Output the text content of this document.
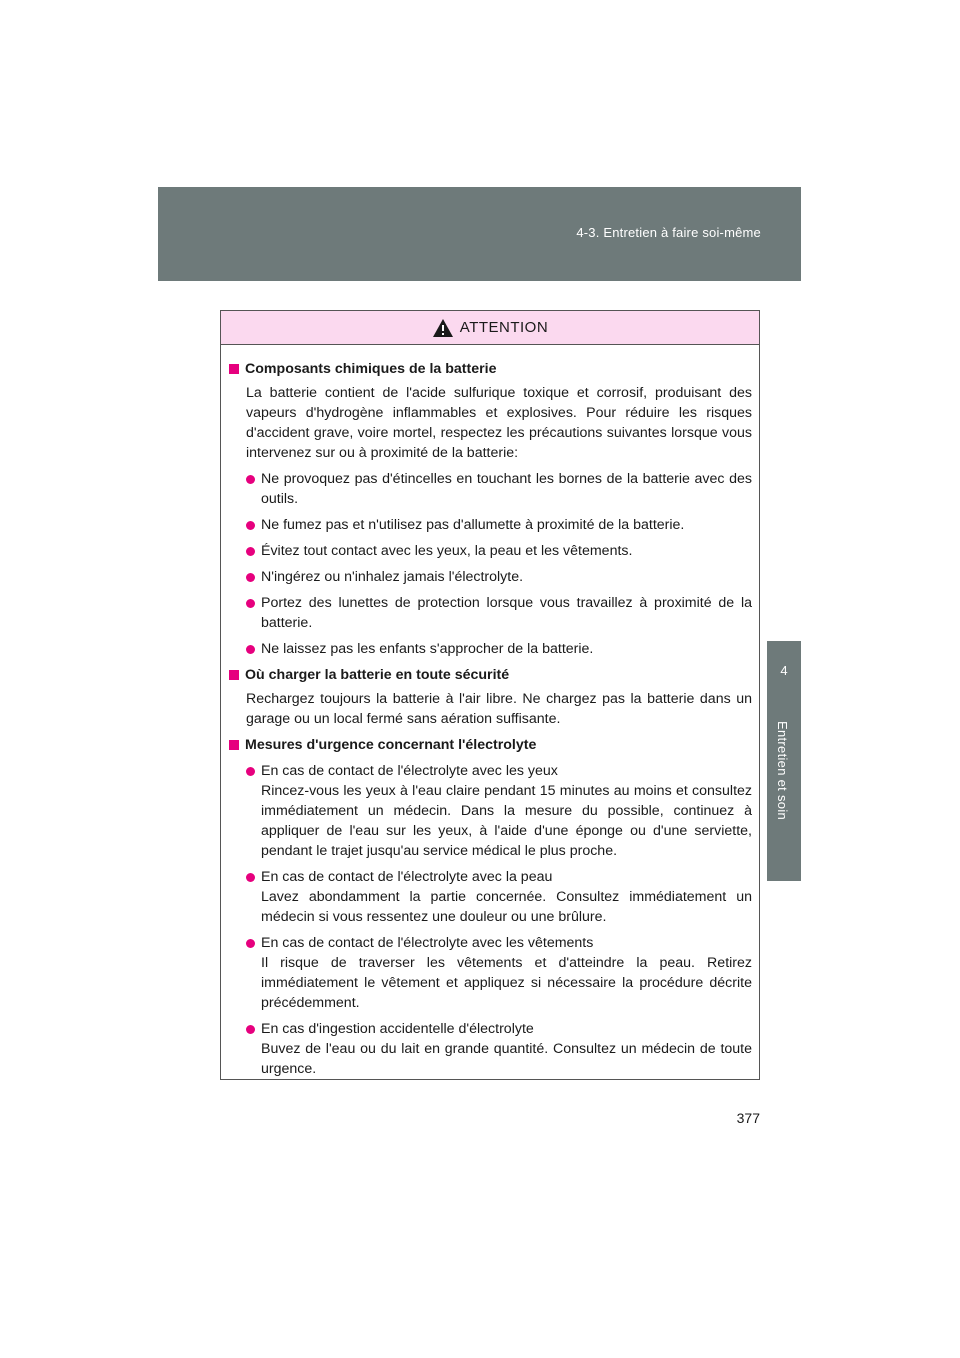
4-3. Entretien à faire soi-même
4
Entretien et soin
ATTENTION
Composants chimiques de la batterie
La batterie contient de l'acide sulfurique toxique et corrosif, produisant des vapeurs d'hydrogène inflammables et explosives. Pour réduire les risques d'accident grave, voire mortel, respectez les précautions suivantes lorsque vous intervenez sur ou à proximité de la batterie:
Ne provoquez pas d'étincelles en touchant les bornes de la batterie avec des outils.
Ne fumez pas et n'utilisez pas d'allumette à proximité de la batterie.
Évitez tout contact avec les yeux, la peau et les vêtements.
N'ingérez ou n'inhalez jamais l'électrolyte.
Portez des lunettes de protection lorsque vous travaillez à proximité de la batterie.
Ne laissez pas les enfants s'approcher de la batterie.
Où charger la batterie en toute sécurité
Rechargez toujours la batterie à l'air libre. Ne chargez pas la batterie dans un garage ou un local fermé sans aération suffisante.
Mesures d'urgence concernant l'électrolyte
En cas de contact de l'électrolyte avec les yeux
Rincez-vous les yeux à l'eau claire pendant 15 minutes au moins et consultez immédiatement un médecin. Dans la mesure du possible, continuez à appliquer de l'eau sur les yeux, à l'aide d'une éponge ou d'une serviette, pendant le trajet jusqu'au service médical le plus proche.
En cas de contact de l'électrolyte avec la peau
Lavez abondamment la partie concernée. Consultez immédiatement un médecin si vous ressentez une douleur ou une brûlure.
En cas de contact de l'électrolyte avec les vêtements
Il risque de traverser les vêtements et d'atteindre la peau. Retirez immédiatement le vêtement et appliquez si nécessaire la procédure décrite précédemment.
En cas d'ingestion accidentelle d'électrolyte
Buvez de l'eau ou du lait en grande quantité. Consultez un médecin de toute urgence.
377
